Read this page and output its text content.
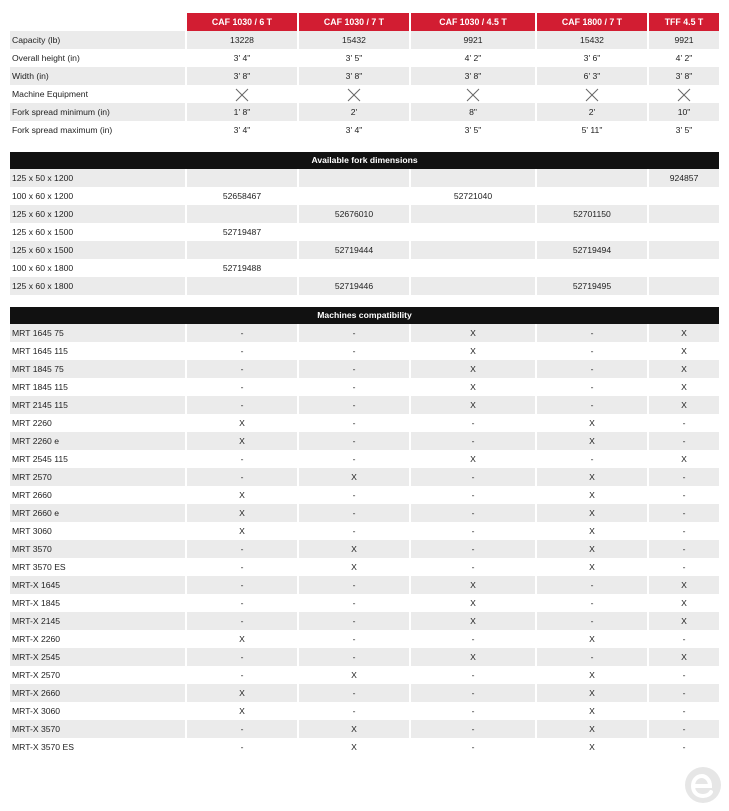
	CAF 1030 / 6 T	CAF 1030 / 7 T	CAF 1030 / 4.5 T	CAF 1800 / 7 T	TFF 4.5 T
Capacity (lb)	13228	15432	9921	15432	9921
Overall height (in)	3' 4"	3' 5"	4' 2"	3' 6"	4' 2"
Width (in)	3' 8"	3' 8"	3' 8"	6' 3"	3' 8"
Machine Equipment					
Fork spread minimum (in)	1' 8"	2'	8"	2'	10"
Fork spread maximum (in)	3' 4"	3' 4"	3' 5"	5' 11"	3' 5"
Available fork dimensions					
125 x 50 x 1200					924857
100 x 60 x 1200	52658467		52721040		
125 x 60 x 1200		52676010		52701150	
125 x 60 x 1500	52719487				
125 x 60 x 1500		52719444		52719494	
100 x 60 x 1800	52719488				
125 x 60 x 1800		52719446		52719495	
Machines compatibility					
MRT 1645 75	-	-	X	-	X
MRT 1645 115	-	-	X	-	X
MRT 1845 75	-	-	X	-	X
MRT 1845 115	-	-	X	-	X
MRT 2145 115	-	-	X	-	X
MRT 2260	X	-	-	X	-
MRT 2260 e	X	-	-	X	-
MRT 2545 115	-	-	X	-	X
MRT 2570	-	X	-	X	-
MRT 2660	X	-	-	X	-
MRT 2660 e	X	-	-	X	-
MRT 3060	X	-	-	X	-
MRT 3570	-	X	-	X	-
MRT 3570 ES	-	X	-	X	-
MRT-X 1645	-	-	X	-	X
MRT-X 1845	-	-	X	-	X
MRT-X 2145	-	-	X	-	X
MRT-X 2260	X	-	-	X	-
MRT-X 2545	-	-	X	-	X
MRT-X 2570	-	X	-	X	-
MRT-X 2660	X	-	-	X	-
MRT-X 3060	X	-	-	X	-
MRT-X 3570	-	X	-	X	-
MRT-X 3570 ES	-	X	-	X	-
